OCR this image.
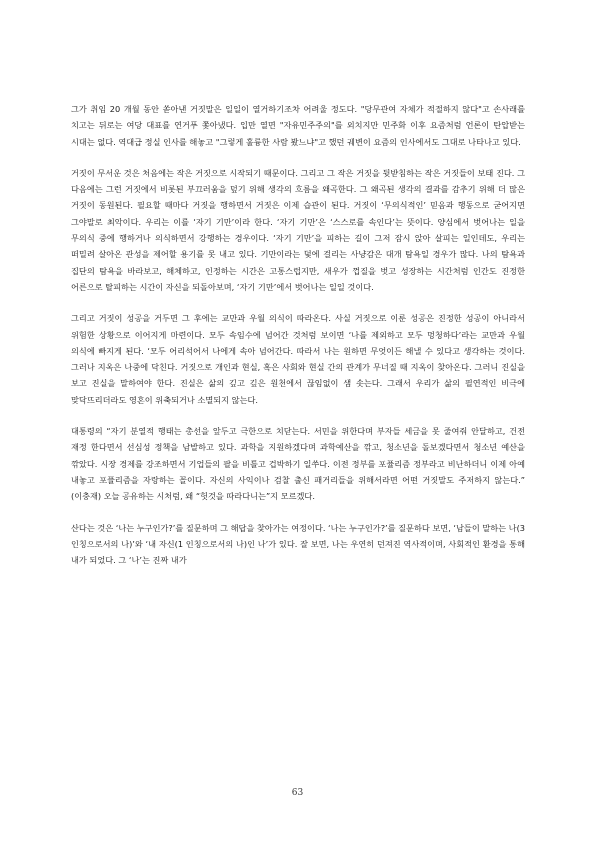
그가 취임 20 개월 동안 쏟아낸 거짓말은 일일이 열거하기조차 어려울 정도다. "당무관여 자체가 적절하지 않다"고 손사래를 치고는 뒤로는 여당 대표를 연거푸 쫓아냈다. 입만 열면 "자유민주주의"를 외치지만 민주화 이후 요즘처럼 언론이 탄압받는 시대는 없다. 역대급 정실 인사를 해놓고 "그렇게 훌륭한 사람 봤느냐"고 했던 궤변이 요즘의 인사에서도 그대로 나타나고 있다.

거짓이 무서운 것은 처음에는 작은 거짓으로 시작되기 때문이다. 그리고 그 작은 거짓을 뒷받침하는 작은 거짓들이 보태 진다. 그 다음에는 그런 거짓에서 비롯된 부끄러움을 덮기 위해 생각의 흐름을 왜곡한다. 그 왜곡된 생각의 결과를 감추기 위해 더 많은 거짓이 동원된다. 필요할 때마다 거짓을 행하면서 거짓은 이제 습관이 된다. 거짓이 ‘무의식적인’ 믿음과 행동으로 굳어지면 그야말로 최악이다. 우리는 이를 ‘자기 기만’이라 한다. ‘자기 기만’은 ‘스스로를 속인다’는 뜻이다. 양심에서 벗어나는 일을 무의식 중에 행하거나 의식하면서 강행하는 경우이다. ‘자기 기만’을 피하는 길이 그저 잠시 앉아 살피는 일인데도, 우리는 떠밀려 살아온 관성을 제어할 용기를 못 내고 있다. 기만이라는 덫에 걸리는 사냥감은 대개 탐욕일 경우가 많다. 나의 탐욕과 집단의 탐욕을 바라보고, 해체하고, 인정하는 시간은 고통스럽지만, 새우가 껍질을 벗고 성장하는 시간처럼 인간도 진정한 어른으로 탈피하는 시간이 자신을 되돌아보며, ‘자기 기만’에서 벗어나는 일일 것이다.

그리고 거짓이 성공을 거두면 그 후에는 교만과 우월 의식이 따라온다. 사실 거짓으로 이룬 성공은 진정한 성공이 아니라서 위험한 상황으로 이어지게 마련이다. 모두 속임수에 넘어간 것처럼 보이면 ‘나를 제외하고 모두 멍청하다’라는 교만과 우월 의식에 빠지게 된다. ‘모두 어리석어서 나에게 속아 넘어간다. 따라서 나는 원하면 무엇이든 해낼 수 있다고 생각하는 것이다. 그러나 지옥은 나중에 닥친다. 거짓으로 개인과 현실, 혹은 사회와 현실 간의 관계가 무너질 때 지옥이 찾아온다. 그러니 진실을 보고 진실을 말하여야 한다. 진실은 삶의 깊고 깊은 원천에서 끊임없이 샘 솟는다. 그래서 우리가 삶의 필연적인 비극에 맞닥뜨리더라도 영혼이 위축되거나 소멸되지 않는다.

대통령의 “자기 분열적 행태는 총선을 앞두고 극한으로 치닫는다. 서민을 위한다며 부자들 세금을 못 줄여줘 안달하고, 건전 재정 한다면서 선심성 정책을 남발하고 있다. 과학을 지원하겠다며 과학예산을 깎고, 청소년을 돌보겠다면서 청소년 예산을 깎았다. 시장 경제를 강조하면서 기업들의 팔을 비틀고 겁박하기 일쑤다. 이전 정부를 포퓰리즘 정부라고 비난하더니 이제 아예 내놓고 포퓰리즘을 자랑하는 꼴이다. 자신의 사익이나 검찰 출신 패거리들을 위해서라면 어떤 거짓말도 주저하지 않는다.” (이충재) 오늘 공유하는 시처럼, 왜 “헛것을 따라다니는”지 모르겠다.

산다는 것은 ‘나는 누구인가?’를 질문하며 그 해답을 찾아가는 여정이다. ‘나는 누구인가?’를 질문하다 보면, ‘남들이 말하는 나(3 인칭으로서의 나)’와 ‘내 자신(1 인칭으로서의 나)인 나’가 있다. 잘 보면, 나는 우연히 던져진 역사적이며, 사회적인 환경을 통해 내가 되었다. 그 ‘나’는 진짜 내가

63
